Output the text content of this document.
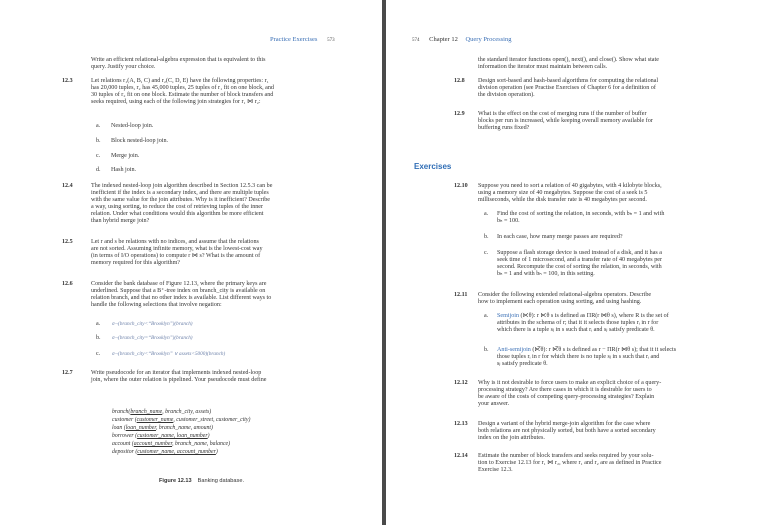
Practice Exercises 573
Write an efficient relational-algebra expression that is equivalent to this
query. Justify your choice.
12.3	Let relations r₁(A, B, C) and r₂(C, D, E) have the following properties: r₁
has 20,000 tuples, r₂ has 45,000 tuples, 25 tuples of r₁ fit on one block, and
30 tuples of r₂ fit on one block. Estimate the number of block transfers and
seeks required, using each of the following join strategies for r₁ ⋈ r₂:
a. Nested-loop join.
b. Block nested-loop join.
c. Merge join.
d. Hash join.
12.4	The indexed nested-loop join algorithm described in Section 12.5.3 can be
inefficient if the index is a secondary index, and there are multiple tuples
with the same value for the join attributes. Why is it inefficient? Describe
a way, using sorting, to reduce the cost of retrieving tuples of the inner
relation. Under what conditions would this algorithm be more efficient
than hybrid merge join?
12.5	Let r and s be relations with no indices, and assume that the relations
are not sorted. Assuming infinite memory, what is the lowest-cost way
(in terms of I/O operations) to compute r ⋈ s? What is the amount of
memory required for this algorithm?
12.6	Consider the bank database of Figure 12.13, where the primary keys are
underlined. Suppose that a B⁺-tree index on branch_city is available on
relation branch, and that no other index is available. List different ways to
handle the following selections that involve negation:
a. σ¬(branch_city<“Brooklyn”)(branch)
b. σ¬(branch_city=“Brooklyn”)(branch)
c. σ¬(branch_city<“Brooklyn” ∨ assets<5000)(branch)
12.7	Write pseudocode for an iterator that implements indexed nested-loop
join, where the outer relation is pipelined. Your pseudocode must define
branch(branch_name, branch_city, assets)
customer (customer_name, customer_street, customer_city)
loan (loan_number, branch_name, amount)
borrower (customer_name, loan_number)
account (account_number, branch_name, balance)
depositor (customer_name, account_number)
Figure 12.13 Banking database.
574 Chapter 12 Query Processing
the standard iterator functions open(), next(), and close(). Show what state
information the iterator must maintain between calls.
12.8 Design sort-based and hash-based algorithms for computing the relational
division operation (see Practise Exercises of Chapter 6 for a definition of
the division operation).
12.9 What is the effect on the cost of merging runs if the number of buffer
blocks per run is increased, while keeping overall memory available for
buffering runs fixed?
Exercises
12.10 Suppose you need to sort a relation of 40 gigabytes, with 4 kilobyte blocks,
using a memory size of 40 megabytes. Suppose the cost of a seek is 5
milliseconds, while the disk transfer rate is 40 megabytes per second.
a. Find the cost of sorting the relation, in seconds, with bₕ = 1 and with
bₕ = 100.
b. In each case, how many merge passes are required?
c. Suppose a flash storage device is used instead of a disk, and it has a
seek time of 1 microsecond, and a transfer rate of 40 megabytes per
second. Recompute the cost of sorting the relation, in seconds, with
bₕ = 1 and with bₕ = 100, in this setting.
12.11 Consider the following extended relational-algebra operators. Describe
how to implement each operation using sorting, and using hashing.
a. Semijoin (⋉θ): r ⋉θ s is defined as ΠR(r ⋈θ s), where R is the set of
attributes in the schema of r; that it it selects those tuples rᵢ in r for
which there is a tuple sⱼ in s such that rᵢ and sⱼ satisfy predicate θ.
b. Anti-semijoin (⋉̅θ): r ⋉̅θ s is defined as r − ΠR(r ⋈θ s); that it it selects
those tuples rᵢ in r for which there is no tuple sⱼ in s such that rᵢ and
sⱼ satisfy predicate θ.
12.12 Why is it not desirable to force users to make an explicit choice of a query-
processing strategy? Are there cases in which it is desirable for users to
be aware of the costs of competing query-processing strategies? Explain
your answer.
12.13 Design a variant of the hybrid merge-join algorithm for the case where
both relations are not physically sorted, but both have a sorted secondary
index on the join attributes.
12.14 Estimate the number of block transfers and seeks required by your solu-
tion to Exercise 12.13 for r₁ ⋈ r₂, where r₁ and r₂ are as defined in Practice
Exercise 12.3.
